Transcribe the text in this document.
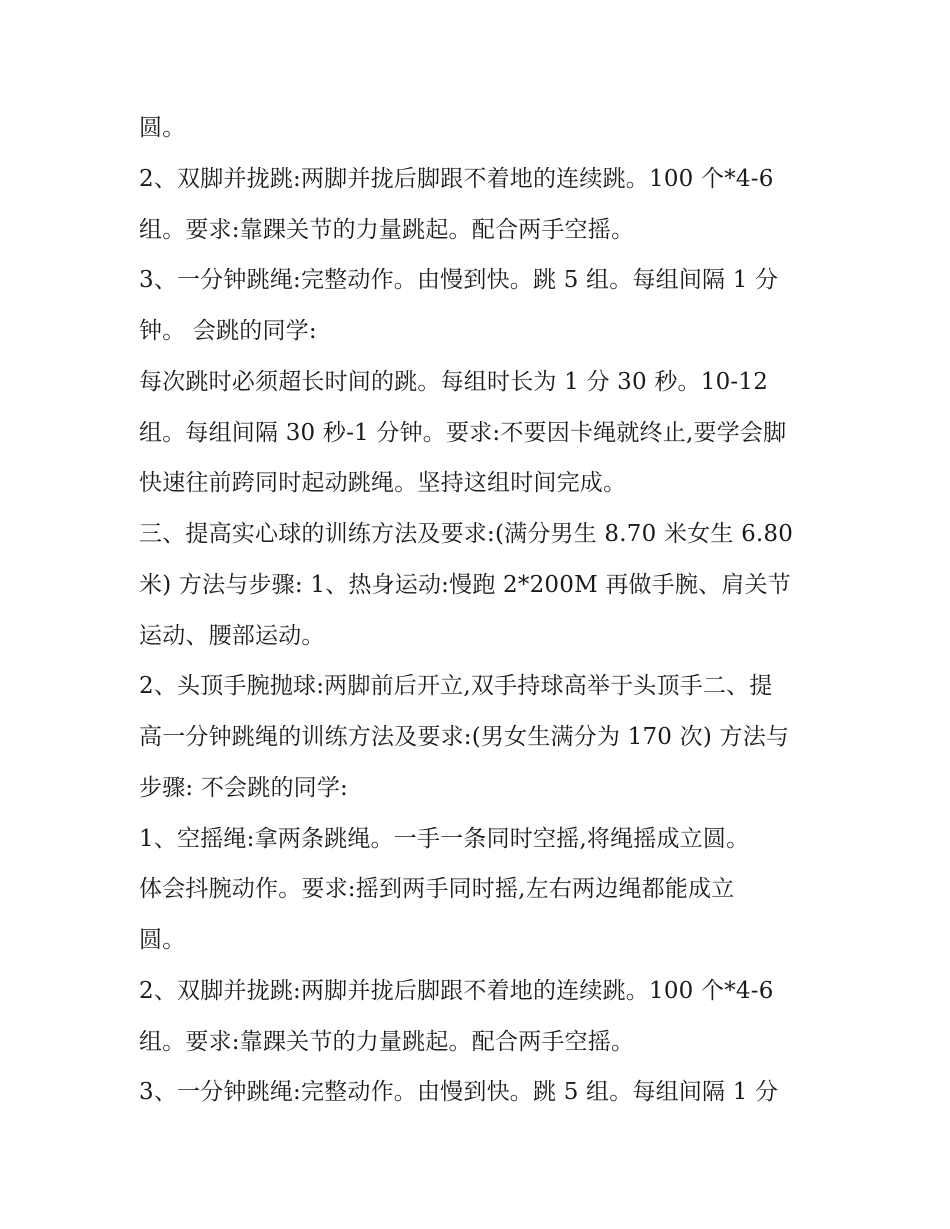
圆。
2、双脚并拢跳:两脚并拢后脚跟不着地的连续跳。100 个*4-6
组。要求:靠踝关节的力量跳起。配合两手空摇。
3、一分钟跳绳:完整动作。由慢到快。跳 5 组。每组间隔 1 分
钟。 会跳的同学:
每次跳时必须超长时间的跳。每组时长为 1 分 30 秒。10-12
组。每组间隔 30 秒-1 分钟。要求:不要因卡绳就终止,要学会脚
快速往前跨同时起动跳绳。坚持这组时间完成。
三、提高实心球的训练方法及要求:(满分男生 8.70 米女生 6.80
米) 方法与步骤: 1、热身运动:慢跑 2*200M 再做手腕、肩关节
运动、腰部运动。
2、头顶手腕抛球:两脚前后开立,双手持球高举于头顶手二、提
高一分钟跳绳的训练方法及要求:(男女生满分为 170 次) 方法与
步骤: 不会跳的同学:
1、空摇绳:拿两条跳绳。一手一条同时空摇,将绳摇成立圆。
体会抖腕动作。要求:摇到两手同时摇,左右两边绳都能成立
圆。
2、双脚并拢跳:两脚并拢后脚跟不着地的连续跳。100 个*4-6
组。要求:靠踝关节的力量跳起。配合两手空摇。
3、一分钟跳绳:完整动作。由慢到快。跳 5 组。每组间隔 1 分
